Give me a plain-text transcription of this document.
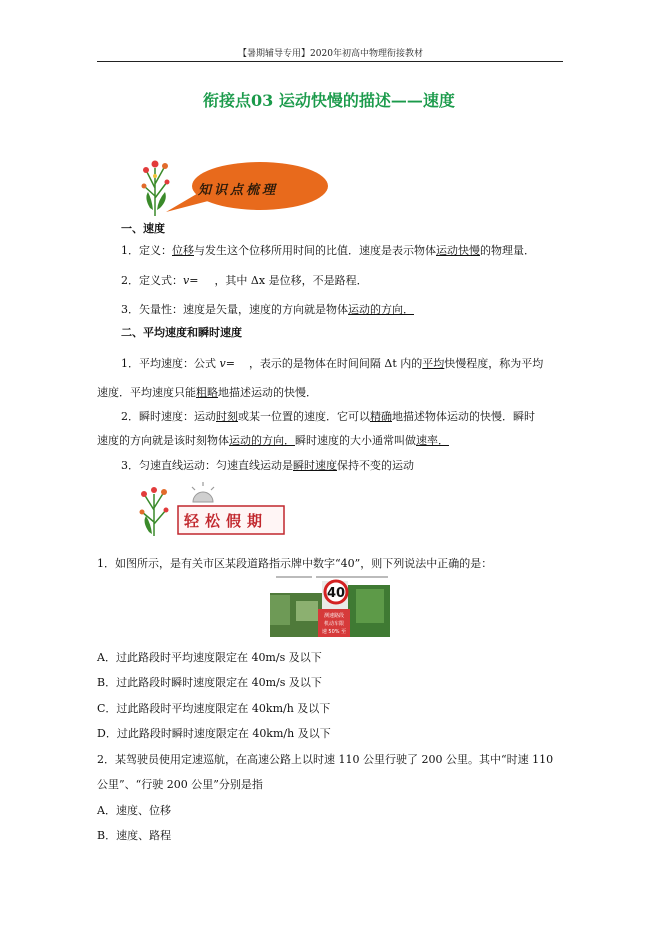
【暑期辅导专用】2020年初高中物理衔接教材
衔接点03 运动快慢的描述——速度
知识点梳理
一、速度
1．定义：位移与发生这个位移所用时间的比值．速度是表示物体运动快慢的物理量．
2．定义式：v= ，其中 Δx 是位移，不是路程．
3．矢量性：速度是矢量，速度的方向就是物体运动的方向．
二、平均速度和瞬时速度
1．平均速度：公式 v= ，表示的是物体在时间间隔 Δt 内的平均快慢程度，称为平均
速度．平均速度只能粗略地描述运动的快慢．
2．瞬时速度：运动时刻或某一位置的速度．它可以精确地描述物体运动的快慢．瞬时
速度的方向就是该时刻物体运动的方向．瞬时速度的大小通常叫做速率．
3．匀速直线运动：匀速直线运动是瞬时速度保持不变的运动
轻松假期
1．如图所示，是有关市区某段道路指示牌中数字“40”，则下列说法中正确的是：
40
测速路段
机动车限
速 50% 至
A．过此路段时平均速度限定在 40m/s 及以下
B．过此路段时瞬时速度限定在 40m/s 及以下
C．过此路段时平均速度限定在 40km/h 及以下
D．过此路段时瞬时速度限定在 40km/h 及以下
2．某驾驶员使用定速巡航，在高速公路上以时速 110 公里行驶了 200 公里。其中“时速 110
公里”、“行驶 200 公里”分别是指
A．速度、位移
B．速度、路程
